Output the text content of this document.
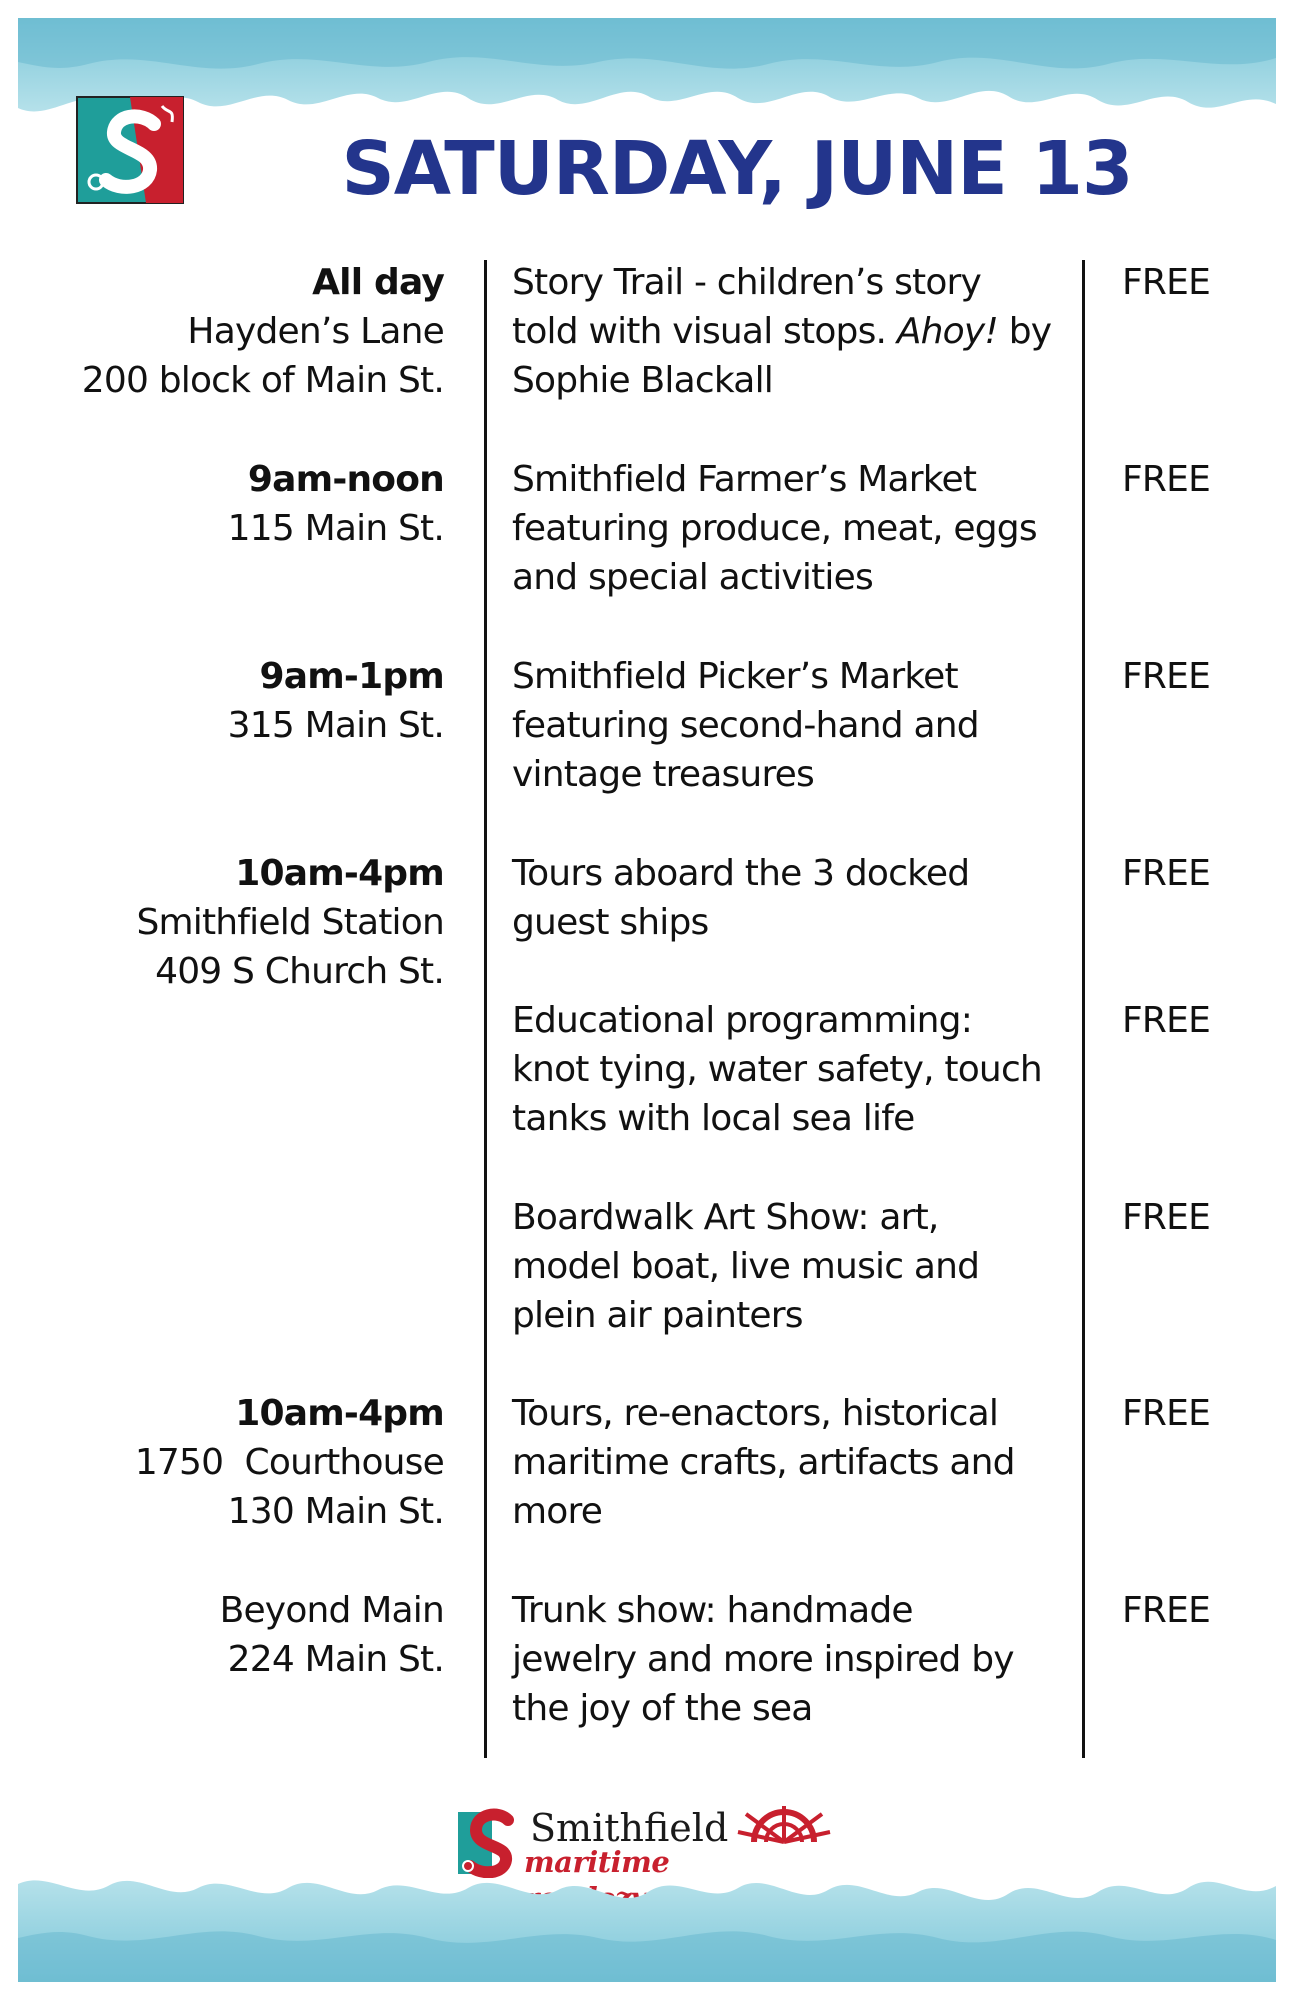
SATURDAY, JUNE 13
All day
Hayden’s Lane
200 block of Main St.
Story Trail - children’s story
told with visual stops. Ahoy! by
Sophie Blackall
FREE
9am-noon
115 Main St.
Smithfield Farmer’s Market
featuring produce, meat, eggs
and special activities
FREE
9am-1pm
315 Main St.
Smithfield Picker’s Market
featuring second-hand and
vintage treasures
FREE
10am-4pm
Smithfield Station
409 S Church St.
Tours aboard the 3 docked
guest ships
FREE
Educational programming:
knot tying, water safety, touch
tanks with local sea life
FREE
Boardwalk Art Show: art,
model boat, live music and
plein air painters
FREE
10am-4pm
1750  Courthouse
130 Main St.
Tours, re-enactors, historical
maritime crafts, artifacts and
more
FREE
Beyond Main
224 Main St.
Trunk show: handmade
jewelry and more inspired by
the joy of the sea
FREE
Smithfield
maritime
